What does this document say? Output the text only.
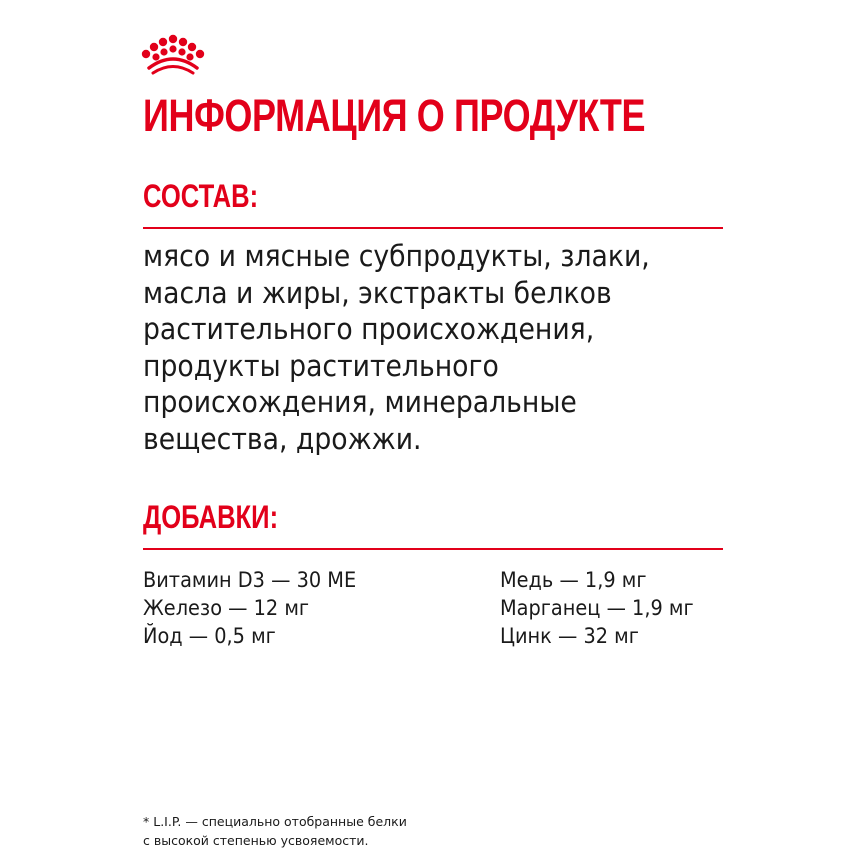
ИНФОРМАЦИЯ О ПРОДУКТЕ
СОСТАВ:

мясо и мясные субпродукты, злаки,
масла и жиры, экстракты белков
растительного происхождения,
продукты растительного
происхождения, минеральные
вещества, дрожжи.

ДОБАВКИ:
Витамин D3 — 30 МЕ
Железо — 12 мг
Йод — 0,5 мг
Медь — 1,9 мг
Марганец — 1,9 мг
Цинк — 32 мг

* L.I.P. — специально отобранные белки
с высокой степенью усвояемости.
